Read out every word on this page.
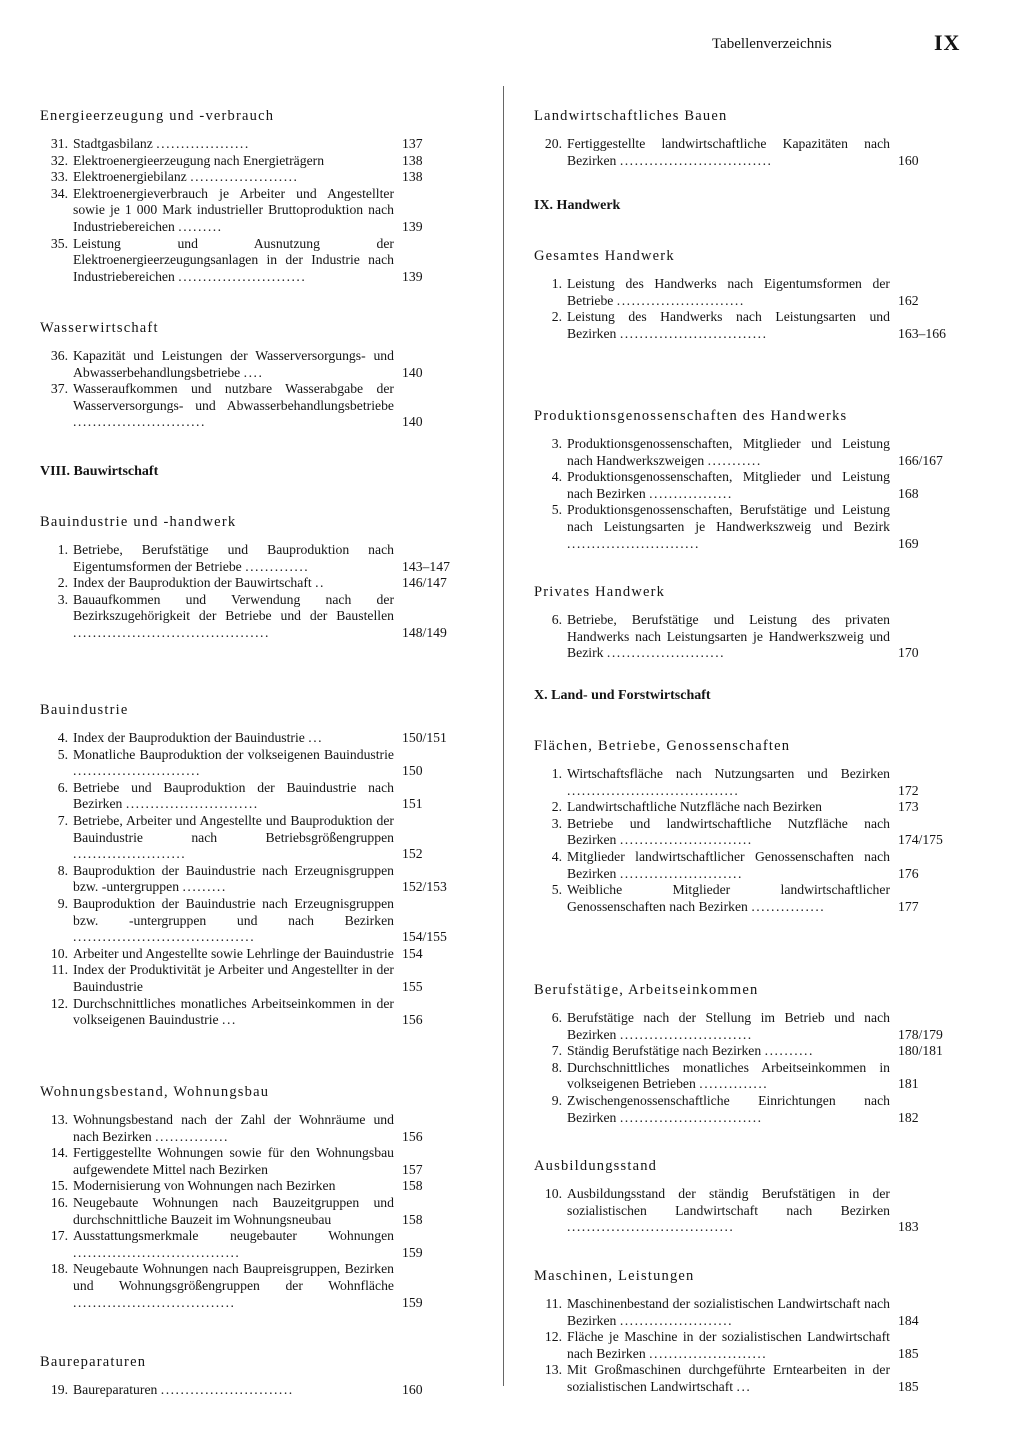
Tabellenverzeichnis	IX
Energieerzeugung und -verbrauch
31. Stadtgasbilanz ...................	137
32. Elektroenergieerzeugung nach Energieträgern	138
33. Elektroenergiebilanz ......................	138
34. Elektroenergieverbrauch je Arbeiter und Angestellter sowie je 1 000 Mark industrieller Bruttoproduktion nach Industriebereichen .........	139
35. Leistung und Ausnutzung der Elektroenergieerzeugungsanlagen in der Industrie nach Industriebereichen ..........................	139
Wasserwirtschaft
36. Kapazität und Leistungen der Wasserversorgungs- und Abwasserbehandlungsbetriebe ....	140
37. Wasseraufkommen und nutzbare Wasserabgabe der Wasserversorgungs- und Abwasserbehandlungsbetriebe ...........................	140
VIII. Bauwirtschaft
Bauindustrie und -handwerk
1. Betriebe, Berufstätige und Bauproduktion nach Eigentumsformen der Betriebe .............	143–147
2. Index der Bauproduktion der Bauwirtschaft ..	146/147
3. Bauaufkommen und Verwendung nach der Bezirkszugehörigkeit der Betriebe und der Baustellen ........................................	148/149
Bauindustrie
4. Index der Bauproduktion der Bauindustrie ...	150/151
5. Monatliche Bauproduktion der volkseigenen Bauindustrie ..........................	150
6. Betriebe und Bauproduktion der Bauindustrie nach Bezirken ...........................	151
7. Betriebe, Arbeiter und Angestellte und Bauproduktion der Bauindustrie nach Betriebsgrößengruppen .......................	152
8. Bauproduktion der Bauindustrie nach Erzeugnisgruppen bzw. -untergruppen .........	152/153
9. Bauproduktion der Bauindustrie nach Erzeugnisgruppen bzw. -untergruppen und nach Bezirken .....................................	154/155
10. Arbeiter und Angestellte sowie Lehrlinge der Bauindustrie 154
11. Index der Produktivität je Arbeiter und Angestellter in der Bauindustrie	155
12. Durchschnittliches monatliches Arbeitseinkommen in der volkseigenen Bauindustrie ...	156
Wohnungsbestand, Wohnungsbau
13. Wohnungsbestand nach der Zahl der Wohnräume und nach Bezirken ...............	156
14. Fertiggestellte Wohnungen sowie für den Wohnungsbau aufgewendete Mittel nach Bezirken	157
15. Modernisierung von Wohnungen nach Bezirken	158
16. Neugebaute Wohnungen nach Bauzeitgruppen und durchschnittliche Bauzeit im Wohnungsneubau	158
17. Ausstattungsmerkmale neugebauter Wohnungen ..................................	159
18. Neugebaute Wohnungen nach Baupreisgruppen, Bezirken und Wohnungsgrößengruppen der Wohnfläche .................................	159
Baureparaturen
19. Baureparaturen ...........................	160
Landwirtschaftliches Bauen
20. Fertiggestellte landwirtschaftliche Kapazitäten nach Bezirken ...............................	160
IX. Handwerk
Gesamtes Handwerk
1. Leistung des Handwerks nach Eigentumsformen der Betriebe ..........................	162
2. Leistung des Handwerks nach Leistungsarten und Bezirken ..............................	163–166
Produktionsgenossenschaften des Handwerks
3. Produktionsgenossenschaften, Mitglieder und Leistung nach Handwerkszweigen ...........	166/167
4. Produktionsgenossenschaften, Mitglieder und Leistung nach Bezirken .................	168
5. Produktionsgenossenschaften, Berufstätige und Leistung nach Leistungsarten je Handwerkszweig und Bezirk ...........................	169
Privates Handwerk
6. Betriebe, Berufstätige und Leistung des privaten Handwerks nach Leistungsarten je Handwerkszweig und Bezirk ........................	170
X. Land- und Forstwirtschaft
Flächen, Betriebe, Genossenschaften
1. Wirtschaftsfläche nach Nutzungsarten und Bezirken ...................................	172
2. Landwirtschaftliche Nutzfläche nach Bezirken	173
3. Betriebe und landwirtschaftliche Nutzfläche nach Bezirken ...........................	174/175
4. Mitglieder landwirtschaftlicher Genossenschaften nach Bezirken .........................	176
5. Weibliche Mitglieder landwirtschaftlicher Genossenschaften nach Bezirken ...............	177
Berufstätige, Arbeitseinkommen
6. Berufstätige nach der Stellung im Betrieb und nach Bezirken ...........................	178/179
7. Ständig Berufstätige nach Bezirken ..........	180/181
8. Durchschnittliches monatliches Arbeitseinkommen in volkseigenen Betrieben ..............	181
9. Zwischengenossenschaftliche Einrichtungen nach Bezirken .............................	182
Ausbildungsstand
10. Ausbildungsstand der ständig Berufstätigen in der sozialistischen Landwirtschaft nach Bezirken ..................................	183
Maschinen, Leistungen
11. Maschinenbestand der sozialistischen Landwirtschaft nach Bezirken .......................	184
12. Fläche je Maschine in der sozialistischen Landwirtschaft nach Bezirken ........................	185
13. Mit Großmaschinen durchgeführte Erntearbeiten in der sozialistischen Landwirtschaft ...	185
